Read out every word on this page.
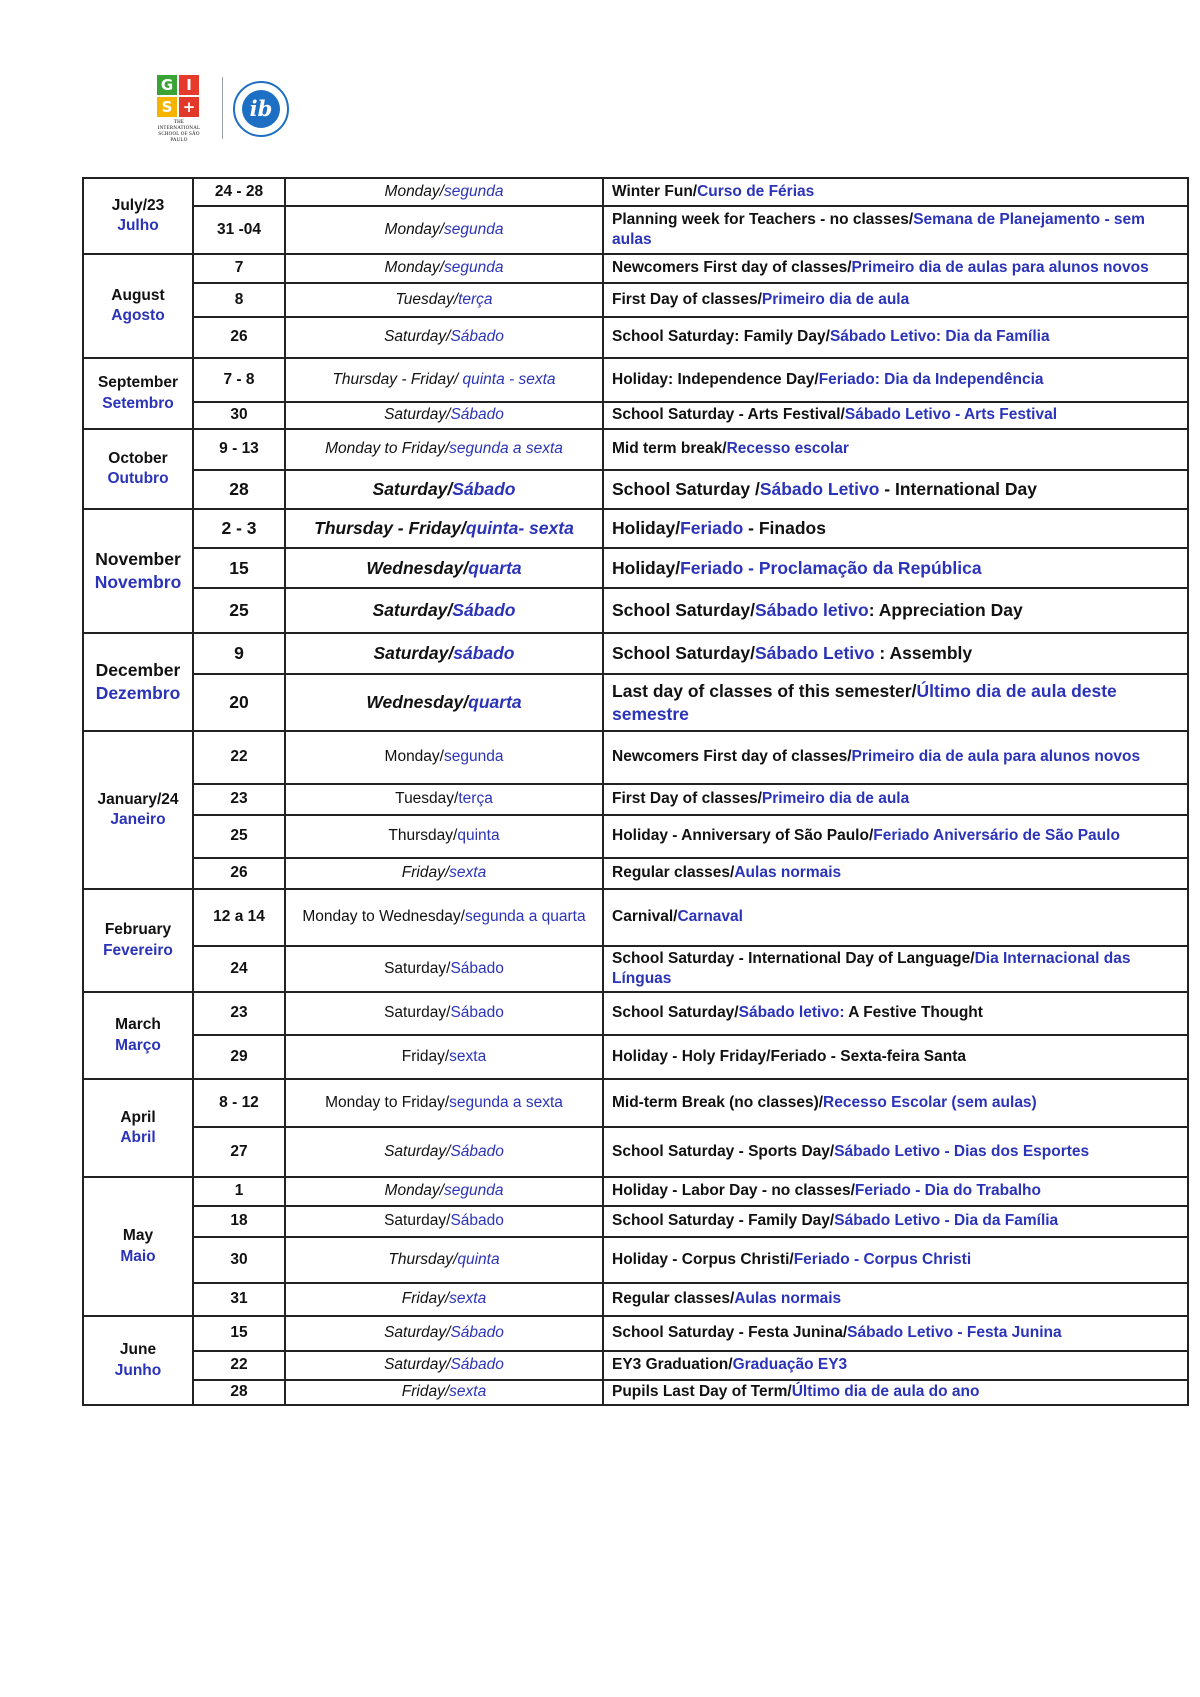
G I
S +
THE INTERNATIONAL
SCHOOL OF SÃO PAULO
ib
July/23
Julho	24 - 28	Monday/segunda	Winter Fun/Curso de Férias
	31 -04	Monday/segunda	Planning week for Teachers - no classes/Semana de Planejamento - sem aulas

August
Agosto	7	Monday/segunda	Newcomers First day of classes/Primeiro dia de aulas para alunos novos
	8	Tuesday/terça	First Day of classes/Primeiro dia de aula
	26	Saturday/Sábado	School Saturday: Family Day/Sábado Letivo: Dia da Família

September
Setembro	7 - 8	Thursday - Friday/ quinta - sexta	Holiday: Independence Day/Feriado: Dia da Independência
	30	Saturday/Sábado	School Saturday - Arts Festival/Sábado Letivo - Arts Festival

October
Outubro	9 - 13	Monday to Friday/segunda a sexta	Mid term break/Recesso escolar
	28	Saturday/Sábado	School Saturday /Sábado Letivo - International Day

November
Novembro	2 - 3	Thursday - Friday/quinta- sexta	Holiday/Feriado - Finados
	15	Wednesday/quarta	Holiday/Feriado - Proclamação da República
	25	Saturday/Sábado	School Saturday/Sábado letivo: Appreciation Day

December
Dezembro	9	Saturday/sábado	School Saturday/Sábado Letivo : Assembly
	20	Wednesday/quarta	Last day of classes of this semester/Último dia de aula deste semestre

January/24
Janeiro	22	Monday/segunda	Newcomers First day of classes/Primeiro dia de aula para alunos novos
	23	Tuesday/terça	First Day of classes/Primeiro dia de aula
	25	Thursday/quinta	Holiday - Anniversary of São Paulo/Feriado Aniversário de São Paulo
	26	Friday/sexta	Regular classes/Aulas normais

February
Fevereiro	12 a 14	Monday to Wednesday/segunda a quarta	Carnival/Carnaval
	24	Saturday/Sábado	School Saturday - International Day of Language/Dia Internacional das Línguas

March
Março	23	Saturday/Sábado	School Saturday/Sábado letivo: A Festive Thought
	29	Friday/sexta	Holiday - Holy Friday/Feriado - Sexta-feira Santa

April
Abril	8 - 12	Monday to Friday/segunda a sexta	Mid-term Break (no classes)/Recesso Escolar (sem aulas)
	27	Saturday/Sábado	School Saturday - Sports Day/Sábado Letivo - Dias dos Esportes

May
Maio	1	Monday/segunda	Holiday - Labor Day - no classes/Feriado - Dia do Trabalho
	18	Saturday/Sábado	School Saturday - Family Day/Sábado Letivo - Dia da Família
	30	Thursday/quinta	Holiday - Corpus Christi/Feriado - Corpus Christi
	31	Friday/sexta	Regular classes/Aulas normais

June
Junho	15	Saturday/Sábado	School Saturday - Festa Junina/Sábado Letivo - Festa Junina
	22	Saturday/Sábado	EY3 Graduation/Graduação EY3
	28	Friday/sexta	Pupils Last Day of Term/Último dia de aula do ano
